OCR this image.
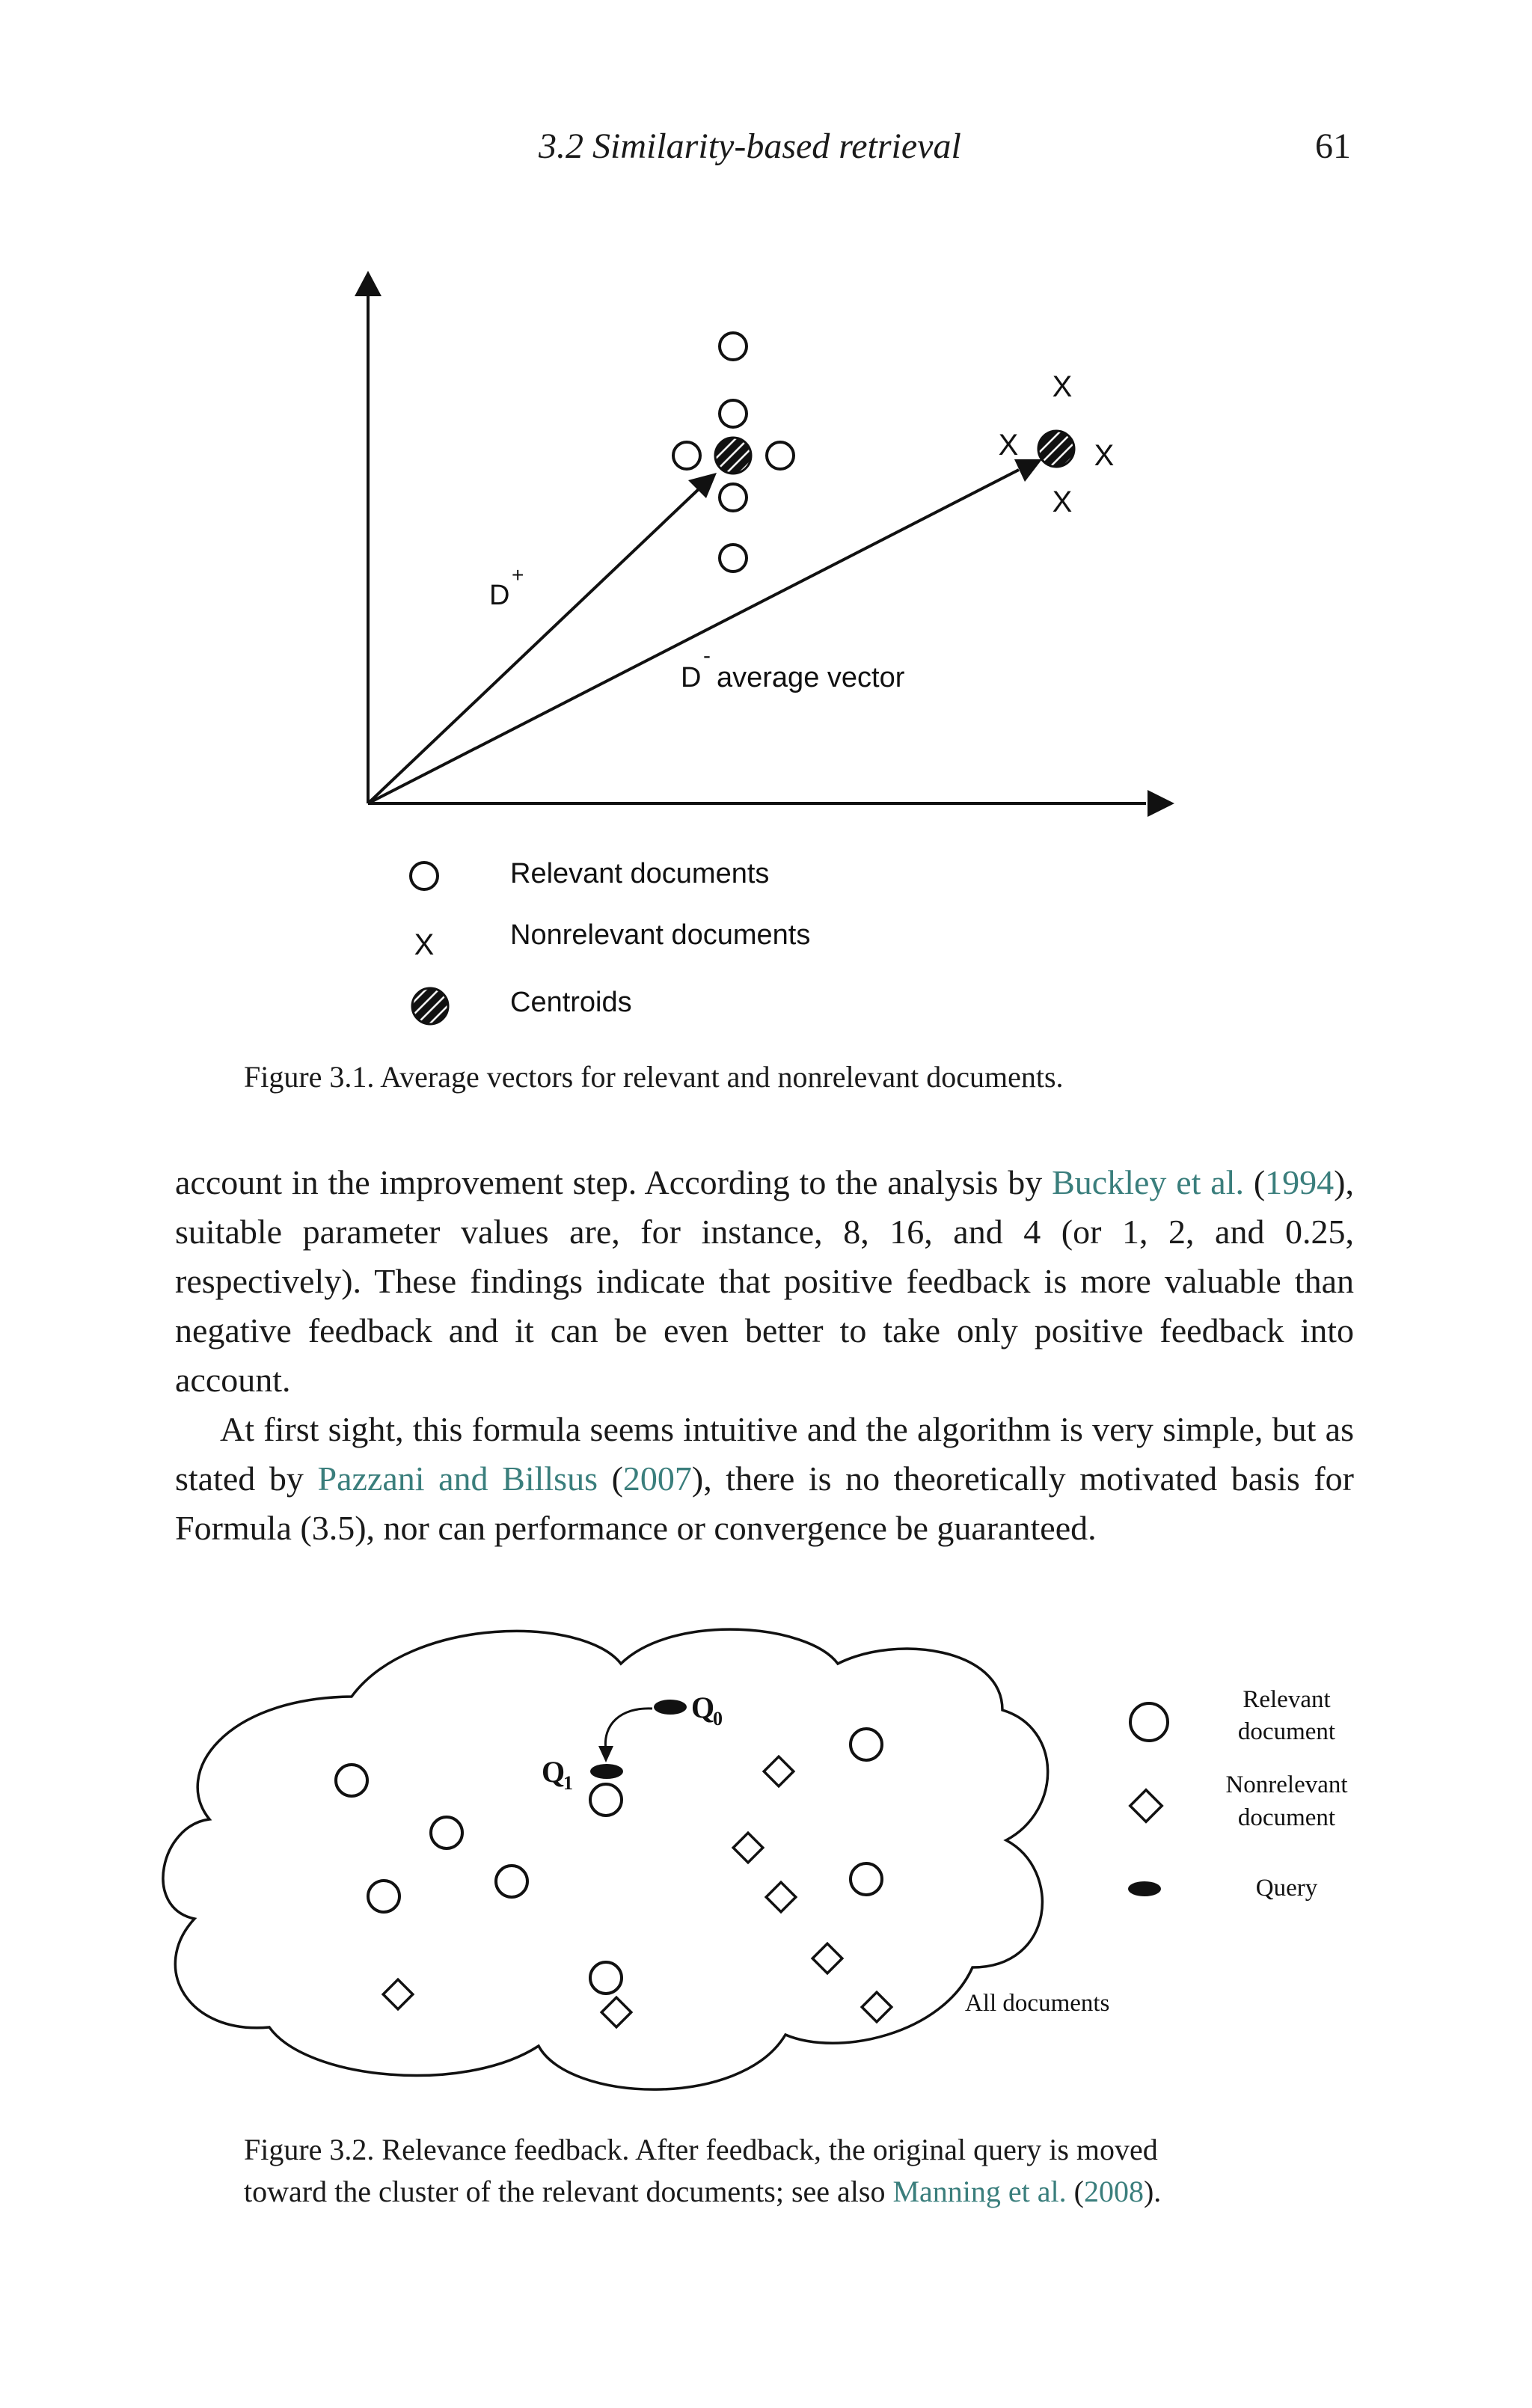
3.2 Similarity-based retrieval	61
X
X	X
X
D
+
D
-
average vector
X
Relevant documents
Nonrelevant documents
Centroids
Figure 3.1. Average vectors for relevant and nonrelevant documents.

account in the improvement step. According to the analysis by Buckley et al. (1994), suitable parameter values are, for instance, 8, 16, and 4 (or 1, 2, and 0.25, respectively). These findings indicate that positive feedback is more valuable than negative feedback and it can be even better to take only positive feedback into account.

At first sight, this formula seems intuitive and the algorithm is very simple, but as stated by Pazzani and Billsus (2007), there is no theoretically motivated basis for Formula (3.5), nor can performance or convergence be guaranteed.

Q
0
Q
1
Relevant
document
Nonrelevant
document
Query
All documents
Figure 3.2. Relevance feedback. After feedback, the original query is moved
toward the cluster of the relevant documents; see also Manning et al. (2008).
